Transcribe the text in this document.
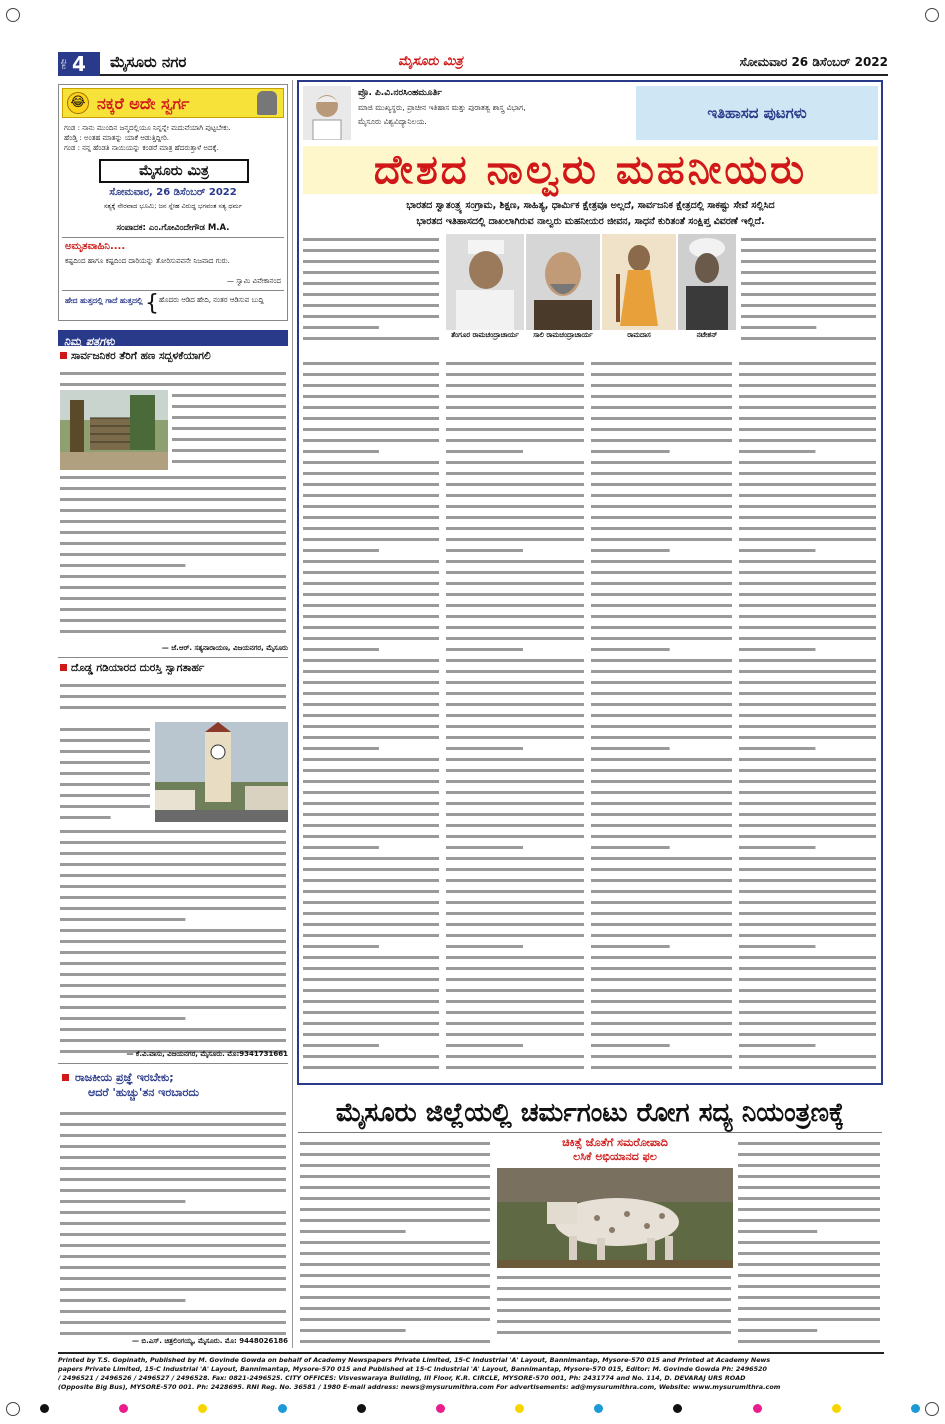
ಪುಟ 4 ಮೈಸೂರು ನಗರ	ಮೈಸೂರು ಮಿತ್ರ	ಸೋಮವಾರ 26 ಡಿಸೆಂಬರ್ 2022
😂 ನಕ್ಕರೆ ಅದೇ ಸ್ವರ್ಗ
ಗಂಡ : ನಾನು ಮುಂದಿನ ಜನ್ಮದಲ್ಲಿಯೂ ನಿನ್ನನ್ನೇ ಮದುವೆಯಾಗಿ ಪುಟ್ಟಬೇಕು.
ಹೆಂಡ್ತಿ : ಅಂತಹ ಮಾತನ್ನು ಯಾಕೆ ಆಡುತ್ತಿದ್ದೀರಿ.
ಗಂಡ : ನನ್ನ ಹೆಂಡತಿ ನಾಯಿಯನ್ನು ಕಂಡರೆ ಮಾತ್ರ ಹೆದರುತ್ತಾಳೆ ಅದಕ್ಕೆ.
ಮೈಸೂರು ಮಿತ್ರ
ಸೋಮವಾರ, 26 ಡಿಸೆಂಬರ್ 2022
ಸತ್ಯಕ್ಕೆ ನೇರವಾದ ಭೂಮಿ; ಜನ ಸ್ನೇಹ ವಿರುದ್ಧ ಭಗವಂತ ಸತ್ಯ ಧರ್ಮ
ಸಂಪಾದಕ: ಎಂ.ಗೋವಿಂದೇಗೌಡ M.A.
ಅಮೃತವಾಹಿನಿ....
ಕಷ್ಟದಿಂದ ಹಾಗೂ ಕಷ್ಟದಿಂದ ದಾರಿಯನ್ನು ತೋರಿಸುವವನೇ ನಿಜವಾದ ಗುರು.
— ಸ್ವಾಮಿ ವಿವೇಕಾನಂದ
ಹೇದ ಹುತ್ತದಲ್ಲಿ ಗಾದೆ ಹುತ್ತದಲ್ಲಿ { ಹೊದರು ಆಡಿದ ಹೇದಿ, ನಂತರ ಆಡಿಸುವ ಬುದ್ದಿ
ನಿಮ್ಮ ಪತ್ರಗಳು
ಸಾರ್ವಜನಿಕರ ತೆರಿಗೆ ಹಣ ಸದ್ಬಳಕೆಯಾಗಲಿ
— ಜೆ.ಆರ್. ಸತ್ಯನಾರಾಯಣ, ವಿಜಯನಗರ, ಮೈಸೂರು
ದೊಡ್ಡ ಗಡಿಯಾರದ ದುರಸ್ತಿ ಸ್ವಾಗತಾರ್ಹ
— ಕೆ.ವಿ.ವಾಸು, ವಿಜಯನಗರ, ಮೈಸೂರು. ಮೊ:9341731661
ರಾಜಕೀಯ ಪ್ರಜ್ಞೆ ಇರಬೇಕು;
ಆದರೆ 'ಹುಚ್ಚು'ತನ ಇರಬಾರದು
— ಬಿ.ಎಸ್. ಚಿತ್ರಲಿಂಗಯ್ಯ, ಮೈಸೂರು. ಮೊ: 9448026186
ಪ್ರೊ. ಪಿ.ವಿ.ನರಸಿಂಹಮೂರ್ತಿ
ಮಾಜಿ ಮುಖ್ಯಸ್ಥರು, ಪ್ರಾಚೀನ ಇತಿಹಾಸ ಮತ್ತು ಪುರಾತತ್ವ ಶಾಸ್ತ್ರ ವಿಭಾಗ,
ಮೈಸೂರು ವಿಶ್ವವಿದ್ಯಾನಿಲಯ.	ಇತಿಹಾಸದ ಪುಟಗಳು
ದೇಶದ ನಾಲ್ವರು ಮಹನೀಯರು
ಭಾರತದ ಸ್ವಾತಂತ್ರ್ಯ ಸಂಗ್ರಾಮ, ಶಿಕ್ಷಣ, ಸಾಹಿತ್ಯ, ಧಾರ್ಮಿಕ ಕ್ಷೇತ್ರವೂ ಅಲ್ಲದೆ, ಸಾರ್ವಜನಿಕ ಕ್ಷೇತ್ರದಲ್ಲಿ ಸಾಕಷ್ಟು ಸೇವೆ ಸಲ್ಲಿಸಿದ
ಭಾರತದ ಇತಿಹಾಸದಲ್ಲಿ ದಾಖಲಾಗಿರುವ ನಾಲ್ವರು ಮಹನೀಯರ ಜೀವನ, ಸಾಧನೆ ಕುರಿತಂತೆ ಸಂಕ್ಷಿಪ್ತ ವಿವರಣೆ ಇಲ್ಲಿದೆ.
ತೆಂಗೂರ ರಾಮಚಂದ್ರಾಚಾರ್ಯ	ಸಾಲಿ ರಾಮಚಂದ್ರಾಚಾರ್ಯ	ರಾಮದಾಸ	ನಟೇಶನ್
ಮೈಸೂರು ಜಿಲ್ಲೆಯಲ್ಲಿ ಚರ್ಮಗಂಟು ರೋಗ ಸದ್ಯ ನಿಯಂತ್ರಣಕ್ಕೆ
ಚಿಕಿತ್ಸೆ ಜೊತೆಗೆ ಸಮರೋಪಾದಿ
ಲಸಿಕೆ ಅಭಿಯಾನದ ಫಲ
Printed by T.S. Gopinath, Published by M. Govinde Gowda on behalf of Academy Newspapers Private Limited, 15-C Industrial 'A' Layout, Bannimantap, Mysore-570 015 and Printed at Academy News
papers Private Limited, 15-C Industrial 'A' Layout, Bannimantap, Mysore-570 015 and Published at 15-C Industrial 'A' Layout, Bannimantap, Mysore-570 015, Editor: M. Govinde Gowda Ph: 2496520
/ 2496521 / 2496526 / 2496527 / 2496528. Fax: 0821-2496525. CITY OFFICES: Visveswaraya Building, III Floor, K.R. CIRCLE, MYSORE-570 001, Ph: 2431774 and No. 114, D. DEVARAJ URS ROAD
(Opposite Big Bus), MYSORE-570 001. Ph: 2428695. RNI Reg. No. 36581 / 1980 E-mail address: news@mysurumithra.com For advertisements: ad@mysurumithra.com, Website: www.mysurumithra.com
